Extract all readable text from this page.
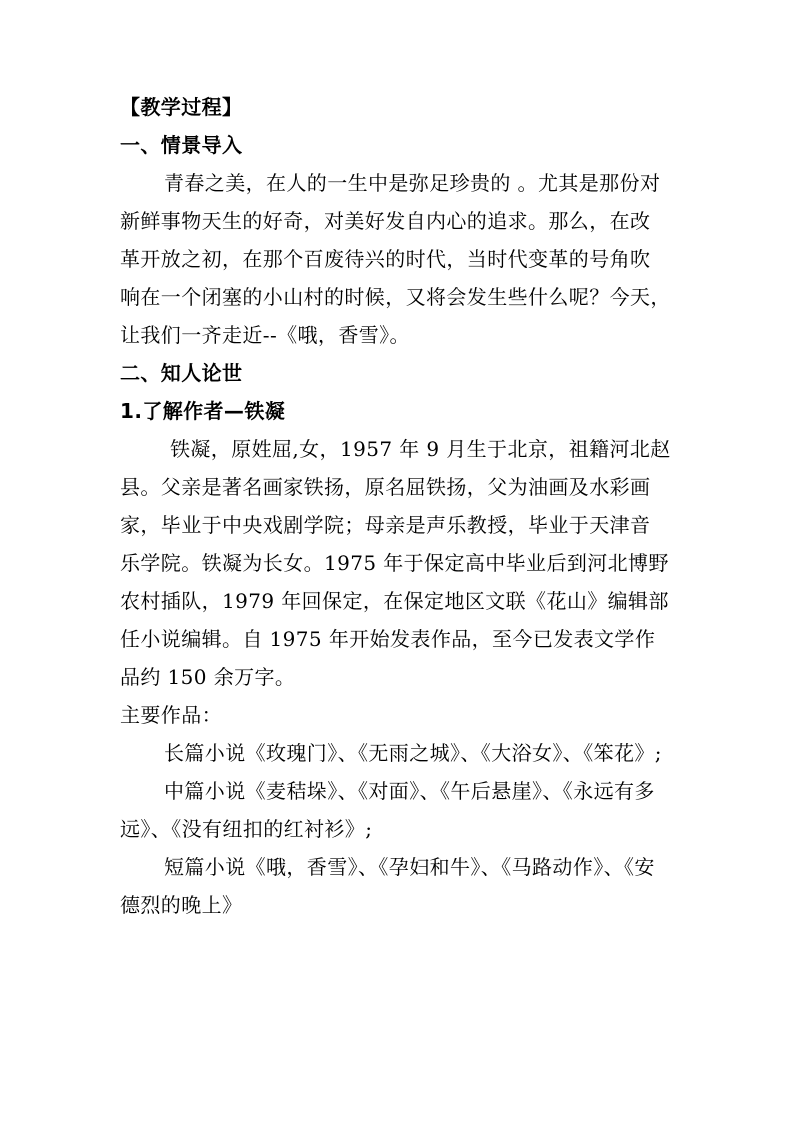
【教学过程】

一、情景导入

青春之美，在人的一生中是弥足珍贵的 。尤其是那份对

新鲜事物天生的好奇，对美好发自内心的追求。那么，在改

革开放之初，在那个百废待兴的时代，当时代变革的号角吹

响在一个闭塞的小山村的时候，又将会发生些什么呢？今天，

让我们一齐走近--《哦，香雪》。

二、知人论世

1.了解作者—铁凝

铁凝，原姓屈,女，1957 年 9 月生于北京，祖籍河北赵

县。父亲是著名画家铁扬，原名屈铁扬，父为油画及水彩画

家，毕业于中央戏剧学院；母亲是声乐教授，毕业于天津音

乐学院。铁凝为长女。1975 年于保定高中毕业后到河北博野

农村插队，1979 年回保定，在保定地区文联《花山》编辑部

任小说编辑。自 1975 年开始发表作品，至今已发表文学作

品约 150 余万字。

主要作品：

长篇小说《玫瑰门》、《无雨之城》、《大浴女》、《笨花》;

中篇小说《麦秸垛》、《对面》、《午后悬崖》、《永远有多

远》、《没有纽扣的红衬衫》;

短篇小说《哦，香雪》、《孕妇和牛》、《马路动作》、《安

德烈的晚上》
